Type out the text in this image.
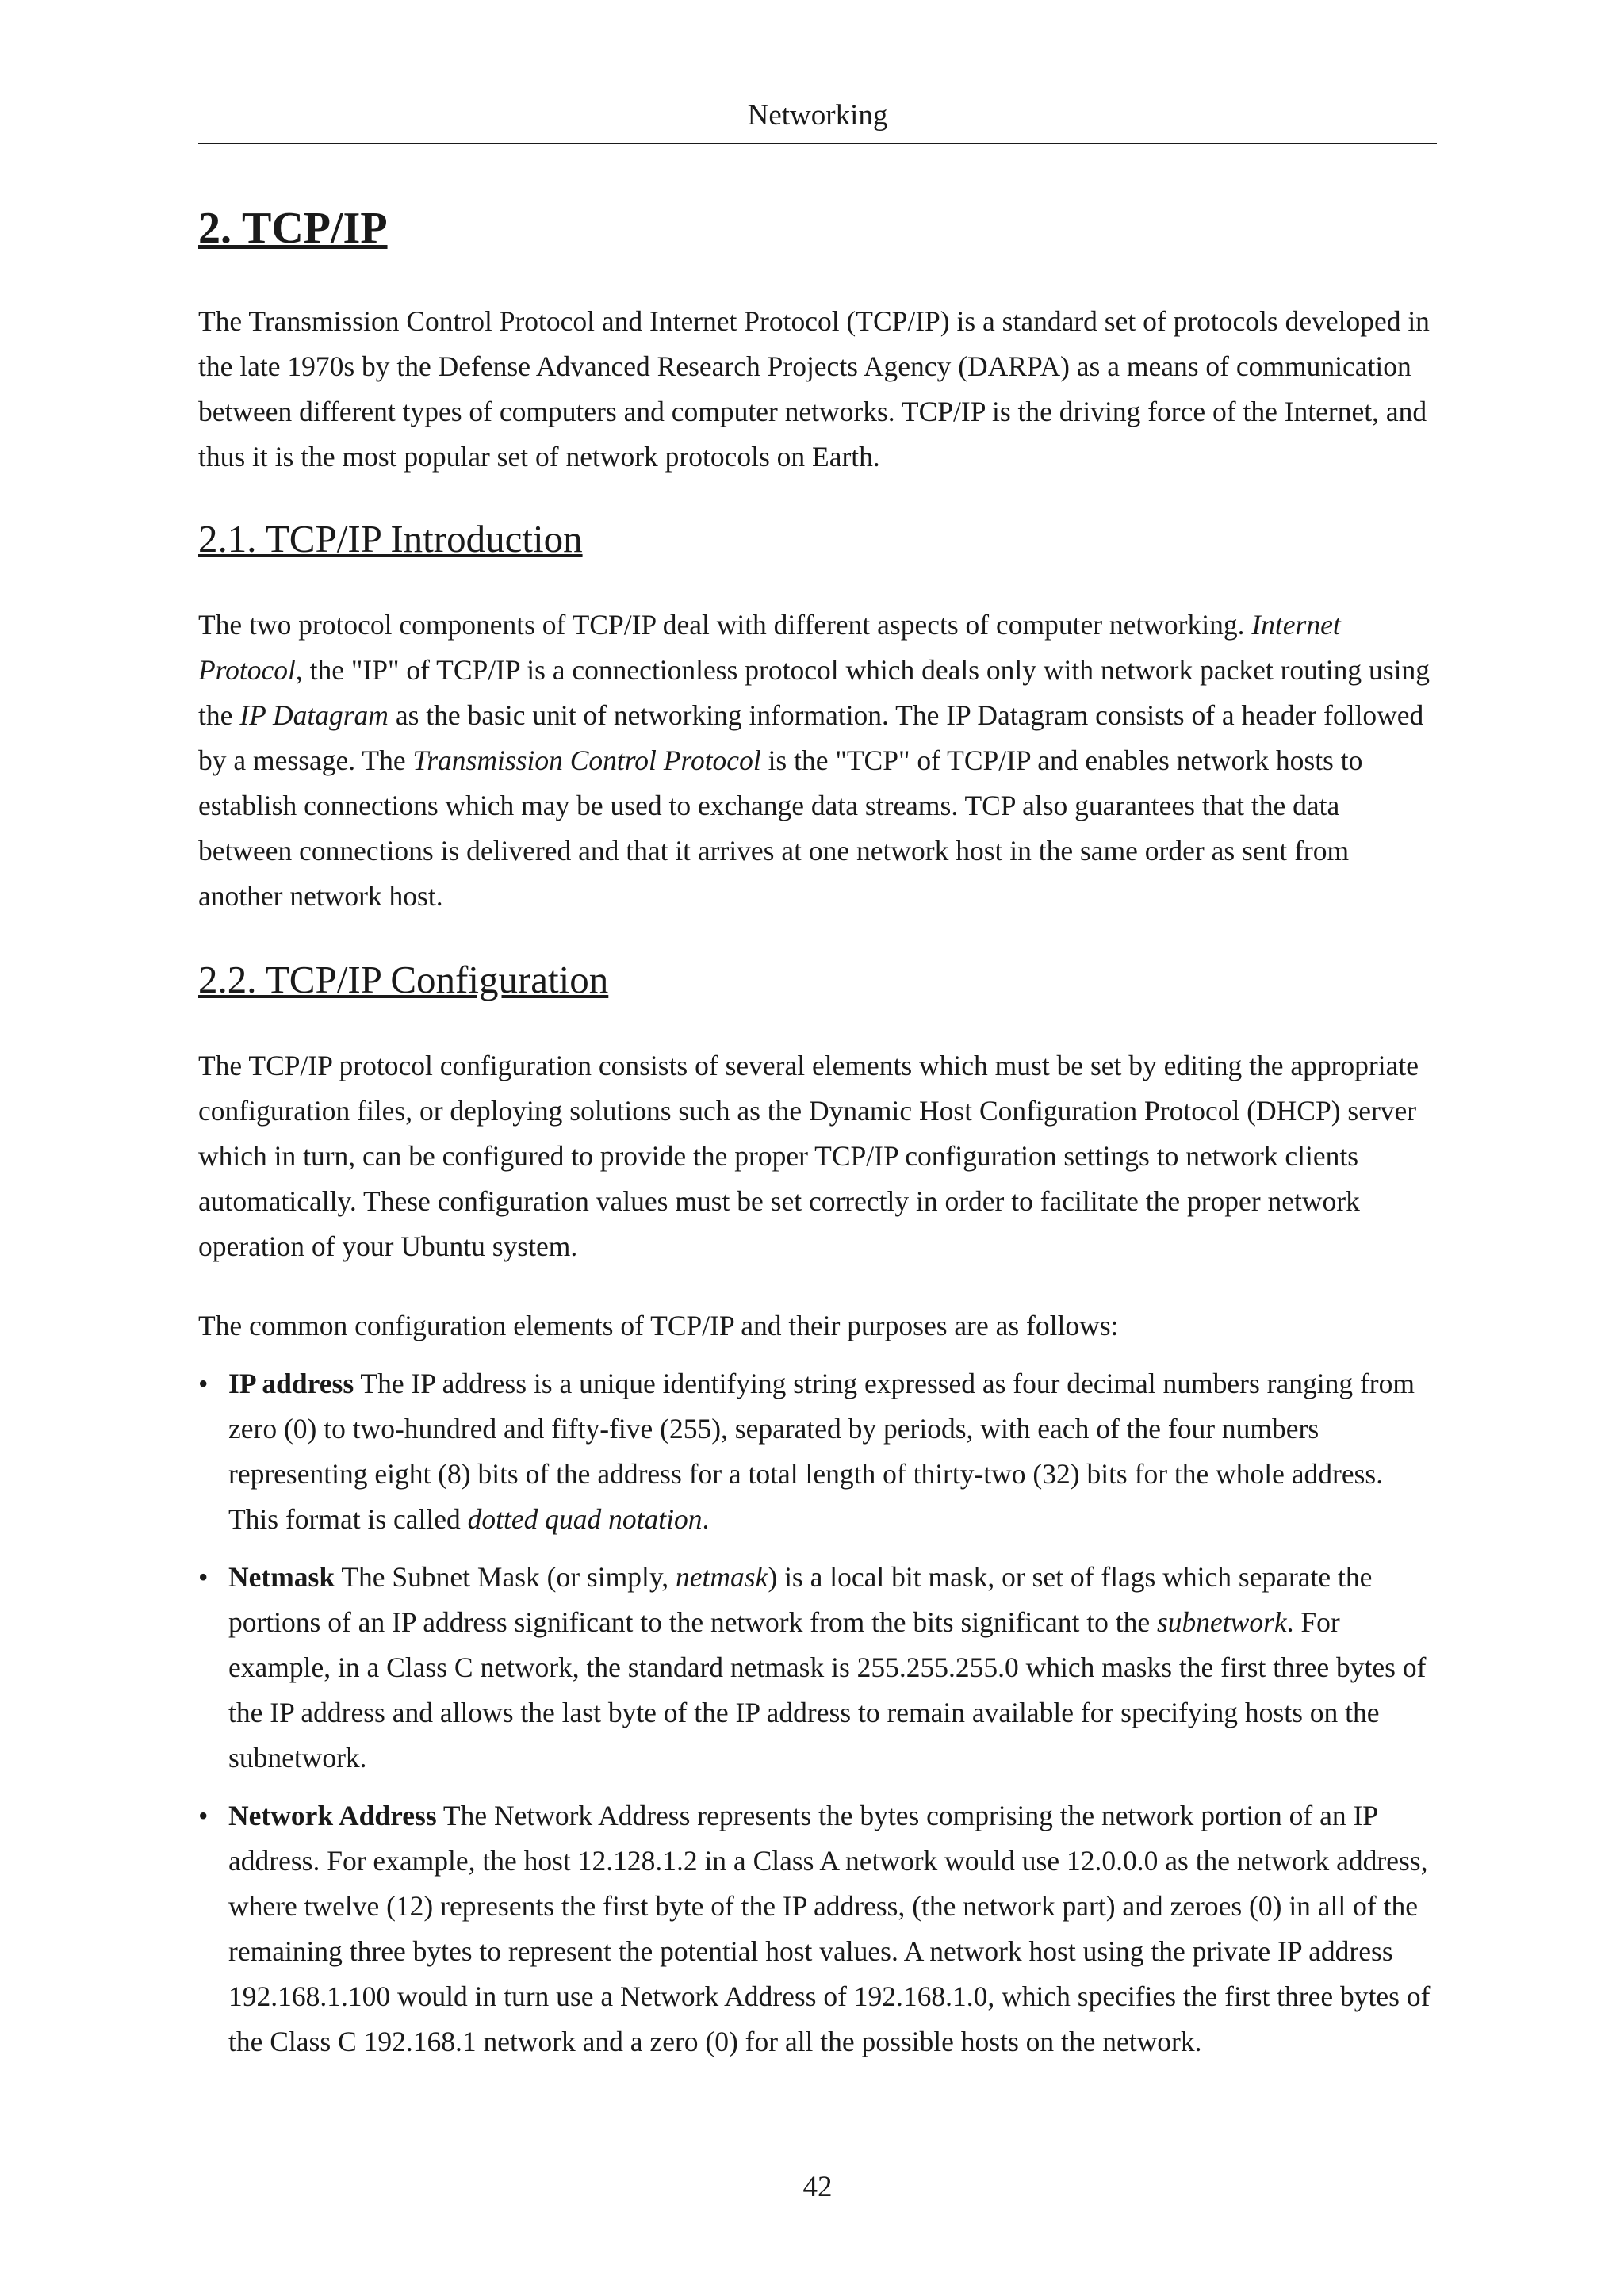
Networking
2. TCP/IP

The Transmission Control Protocol and Internet Protocol (TCP/IP) is a standard set of protocols developed in the late 1970s by the Defense Advanced Research Projects Agency (DARPA) as a means of communication between different types of computers and computer networks. TCP/IP is the driving force of the Internet, and thus it is the most popular set of network protocols on Earth.

2.1. TCP/IP Introduction

The two protocol components of TCP/IP deal with different aspects of computer networking. Internet Protocol, the "IP" of TCP/IP is a connectionless protocol which deals only with network packet routing using the IP Datagram as the basic unit of networking information. The IP Datagram consists of a header followed by a message. The Transmission Control Protocol is the "TCP" of TCP/IP and enables network hosts to establish connections which may be used to exchange data streams. TCP also guarantees that the data between connections is delivered and that it arrives at one network host in the same order as sent from another network host.

2.2. TCP/IP Configuration

The TCP/IP protocol configuration consists of several elements which must be set by editing the appropriate configuration files, or deploying solutions such as the Dynamic Host Configuration Protocol (DHCP) server which in turn, can be configured to provide the proper TCP/IP configuration settings to network clients automatically. These configuration values must be set correctly in order to facilitate the proper network operation of your Ubuntu system.

The common configuration elements of TCP/IP and their purposes are as follows:

• IP address The IP address is a unique identifying string expressed as four decimal numbers ranging from zero (0) to two-hundred and fifty-five (255), separated by periods, with each of the four numbers representing eight (8) bits of the address for a total length of thirty-two (32) bits for the whole address. This format is called dotted quad notation.
• Netmask The Subnet Mask (or simply, netmask) is a local bit mask, or set of flags which separate the portions of an IP address significant to the network from the bits significant to the subnetwork. For example, in a Class C network, the standard netmask is 255.255.255.0 which masks the first three bytes of the IP address and allows the last byte of the IP address to remain available for specifying hosts on the subnetwork.
• Network Address The Network Address represents the bytes comprising the network portion of an IP address. For example, the host 12.128.1.2 in a Class A network would use 12.0.0.0 as the network address, where twelve (12) represents the first byte of the IP address, (the network part) and zeroes (0) in all of the remaining three bytes to represent the potential host values. A network host using the private IP address 192.168.1.100 would in turn use a Network Address of 192.168.1.0, which specifies the first three bytes of the Class C 192.168.1 network and a zero (0) for all the possible hosts on the network.
42
